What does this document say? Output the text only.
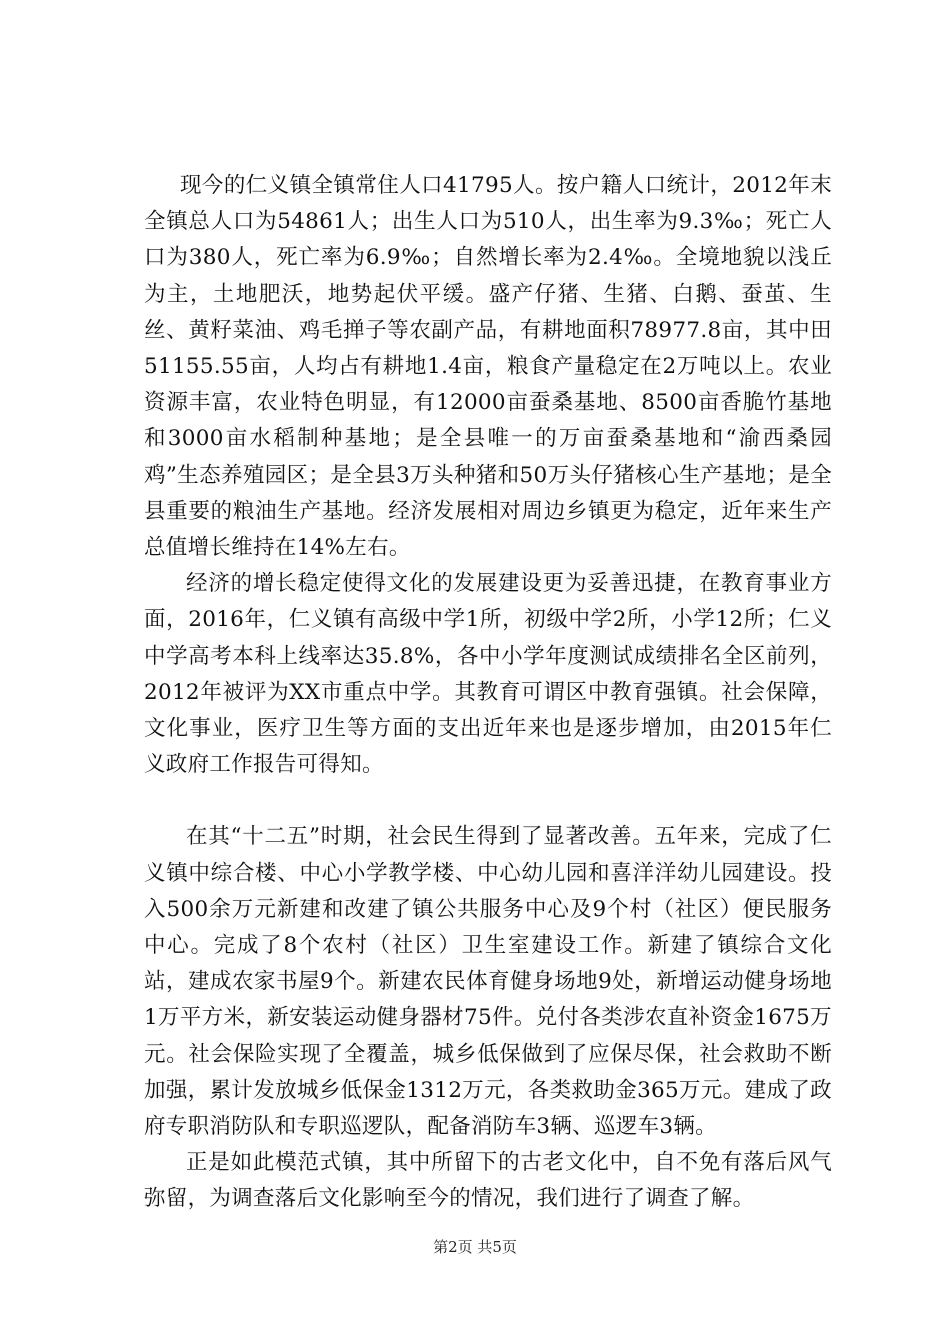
现今的仁义镇全镇常住人口41795人。按户籍人口统计，2012年末全镇总人口为54861人；出生人口为510人，出生率为9.3‰；死亡人口为380人，死亡率为6.9‰；自然增长率为2.4‰。全境地貌以浅丘为主，土地肥沃，地势起伏平缓。盛产仔猪、生猪、白鹅、蚕茧、生丝、黄籽菜油、鸡毛掸子等农副产品，有耕地面积78977.8亩，其中田51155.55亩，人均占有耕地1.4亩，粮食产量稳定在2万吨以上。农业资源丰富，农业特色明显，有12000亩蚕桑基地、8500亩香脆竹基地和3000亩水稻制种基地；是全县唯一的万亩蚕桑基地和“渝西桑园鸡”生态养殖园区；是全县3万头种猪和50万头仔猪核心生产基地；是全县重要的粮油生产基地。经济发展相对周边乡镇更为稳定，近年来生产总值增长维持在14%左右。

经济的增长稳定使得文化的发展建设更为妥善迅捷，在教育事业方面，2016年，仁义镇有高级中学1所，初级中学2所，小学12所；仁义中学高考本科上线率达35.8%，各中小学年度测试成绩排名全区前列，2012年被评为XX市重点中学。其教育可谓区中教育强镇。社会保障，文化事业，医疗卫生等方面的支出近年来也是逐步增加，由2015年仁义政府工作报告可得知。

在其“十二五”时期，社会民生得到了显著改善。五年来，完成了仁义镇中综合楼、中心小学教学楼、中心幼儿园和喜洋洋幼儿园建设。投入500余万元新建和改建了镇公共服务中心及9个村（社区）便民服务中心。完成了8个农村（社区）卫生室建设工作。新建了镇综合文化站，建成农家书屋9个。新建农民体育健身场地9处，新增运动健身场地1万平方米，新安装运动健身器材75件。兑付各类涉农直补资金1675万元。社会保险实现了全覆盖，城乡低保做到了应保尽保，社会救助不断加强，累计发放城乡低保金1312万元，各类救助金365万元。建成了政府专职消防队和专职巡逻队，配备消防车3辆、巡逻车3辆。

正是如此模范式镇，其中所留下的古老文化中，自不免有落后风气弥留，为调查落后文化影响至今的情况，我们进行了调查了解。

第2页 共5页
